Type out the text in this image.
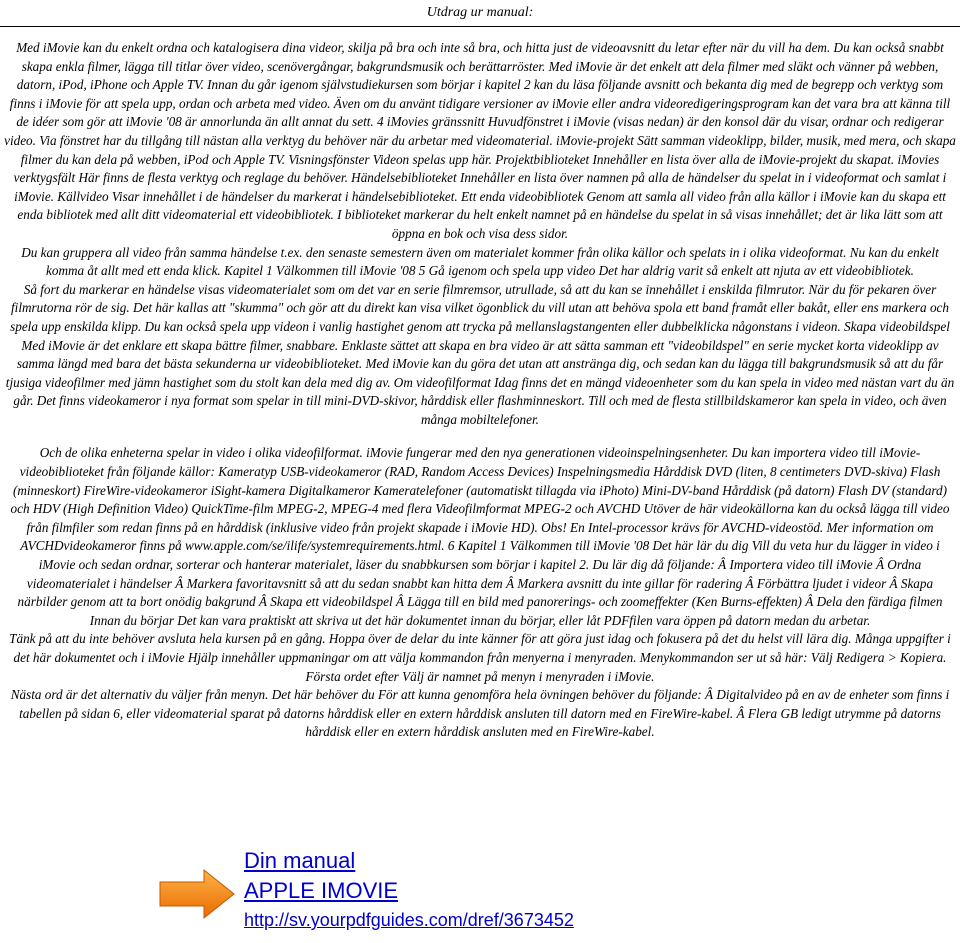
Utdrag ur manual:

Med iMovie kan du enkelt ordna och katalogisera dina videor, skilja på bra och inte så bra, och hitta just de videoavsnitt du letar efter när du vill ha dem. Du kan också snabbt skapa enkla filmer, lägga till titlar över video, scenövergångar, bakgrundsmusik och berättarröster. Med iMovie är det enkelt att dela filmer med släkt och vänner på webben, datorn, iPod, iPhone och Apple TV. Innan du går igenom självstudiekursen som börjar i kapitel 2 kan du läsa följande avsnitt och bekanta dig med de begrepp och verktyg som finns i iMovie för att spela upp, ordan och arbeta med video. Även om du använt tidigare versioner av iMovie eller andra videoredigeringsprogram kan det vara bra att känna till de idéer som gör att iMovie '08 är annorlunda än allt annat du sett. 4 iMovies gränssnitt Huvudfönstret i iMovie (visas nedan) är den konsol där du visar, ordnar och redigerar video. Via fönstret har du tillgång till nästan alla verktyg du behöver när du arbetar med videomaterial. iMovie-projekt Sätt samman videoklipp, bilder, musik, med mera, och skapa filmer du kan dela på webben, iPod och Apple TV. Visningsfönster Videon spelas upp här. Projektbiblioteket Innehåller en lista över alla de iMovie-projekt du skapat. iMovies verktygsfält Här finns de flesta verktyg och reglage du behöver. Händelsebiblioteket Innehåller en lista över namnen på alla de händelser du spelat in i videoformat och samlat i iMovie. Källvideo Visar innehållet i de händelser du markerat i händelsebiblioteket. Ett enda videobibliotek Genom att samla all video från alla källor i iMovie kan du skapa ett enda bibliotek med allt ditt videomaterial ett videobibliotek. I biblioteket markerar du helt enkelt namnet på en händelse du spelat in så visas innehållet; det är lika lätt som att öppna en bok och visa dess sidor.

Du kan gruppera all video från samma händelse t.ex. den senaste semestern även om materialet kommer från olika källor och spelats in i olika videoformat. Nu kan du enkelt komma åt allt med ett enda klick. Kapitel 1 Välkommen till iMovie '08 5 Gå igenom och spela upp video Det har aldrig varit så enkelt att njuta av ett videobibliotek.

Så fort du markerar en händelse visas videomaterialet som om det var en serie filmremsor, utrullade, så att du kan se innehållet i enskilda filmrutor. När du för pekaren över filmrutorna rör de sig. Det här kallas att "skumma" och gör att du direkt kan visa vilket ögonblick du vill utan att behöva spola ett band framåt eller bakåt, eller ens markera och spela upp enskilda klipp. Du kan också spela upp videon i vanlig hastighet genom att trycka på mellanslagstangenten eller dubbelklicka någonstans i videon. Skapa videobildspel Med iMovie är det enklare ett skapa bättre filmer, snabbare. Enklaste sättet att skapa en bra video är att sätta samman ett "videobildspel" en serie mycket korta videoklipp av samma längd med bara det bästa sekunderna ur videobiblioteket. Med iMovie kan du göra det utan att anstränga dig, och sedan kan du lägga till bakgrundsmusik så att du får tjusiga videofilmer med jämn hastighet som du stolt kan dela med dig av. Om videofilformat Idag finns det en mängd videoenheter som du kan spela in video med nästan vart du än går. Det finns videokameror i nya format som spelar in till mini-DVD-skivor, hårddisk eller flashminneskort. Till och med de flesta stillbildskameror kan spela in video, och även många mobiltelefoner.

Och de olika enheterna spelar in video i olika videofilformat. iMovie fungerar med den nya generationen videoinspelningsenheter. Du kan importera video till iMovie-videobiblioteket från följande källor: Kameratyp USB-videokameror (RAD, Random Access Devices) Inspelningsmedia Hårddisk DVD (liten, 8 centimeters DVD-skiva) Flash (minneskort) FireWire-videokameror iSight-kamera Digitalkameror Kameratelefoner (automatiskt tillagda via iPhoto) Mini-DV-band Hårddisk (på datorn) Flash DV (standard) och HDV (High Definition Video) QuickTime-film MPEG-2, MPEG-4 med flera Videofilmformat MPEG-2 och AVCHD Utöver de här videokällorna kan du också lägga till video från filmfiler som redan finns på en hårddisk (inklusive video från projekt skapade i iMovie HD). Obs! En Intel-processor krävs för AVCHD-videostöd. Mer information om AVCHDvideokameror finns på www.apple.com/se/ilife/systemrequirements.html. 6 Kapitel 1 Välkommen till iMovie '08 Det här lär du dig Vill du veta hur du lägger in video i iMovie och sedan ordnar, sorterar och hanterar materialet, läser du snabbkursen som börjar i kapitel 2. Du lär dig då följande: Â Importera video till iMovie Â Ordna videomaterialet i händelser Â Markera favoritavsnitt så att du sedan snabbt kan hitta dem Â Markera avsnitt du inte gillar för radering Â Förbättra ljudet i videor Â Skapa närbilder genom att ta bort onödig bakgrund Â Skapa ett videobildspel Â Lägga till en bild med panorerings- och zoomeffekter (Ken Burns-effekten) Â Dela den färdiga filmen Innan du börjar Det kan vara praktiskt att skriva ut det här dokumentet innan du börjar, eller låt PDFfilen vara öppen på datorn medan du arbetar.

Tänk på att du inte behöver avsluta hela kursen på en gång. Hoppa över de delar du inte känner för att göra just idag och fokusera på det du helst vill lära dig. Många uppgifter i det här dokumentet och i iMovie Hjälp innehåller uppmaningar om att välja kommandon från menyerna i menyraden. Menykommandon ser ut så här: Välj Redigera > Kopiera. Första ordet efter Välj är namnet på menyn i menyraden i iMovie.

Nästa ord är det alternativ du väljer från menyn. Det här behöver du För att kunna genomföra hela övningen behöver du följande: Â Digitalvideo på en av de enheter som finns i tabellen på sidan 6, eller videomaterial sparat på datorns hårddisk eller en extern hårddisk ansluten till datorn med en FireWire-kabel. Â Flera GB ledigt utrymme på datorns hårddisk eller en extern hårddisk ansluten med en FireWire-kabel.

Din manual
APPLE IMOVIE
http://sv.yourpdfguides.com/dref/3673452
